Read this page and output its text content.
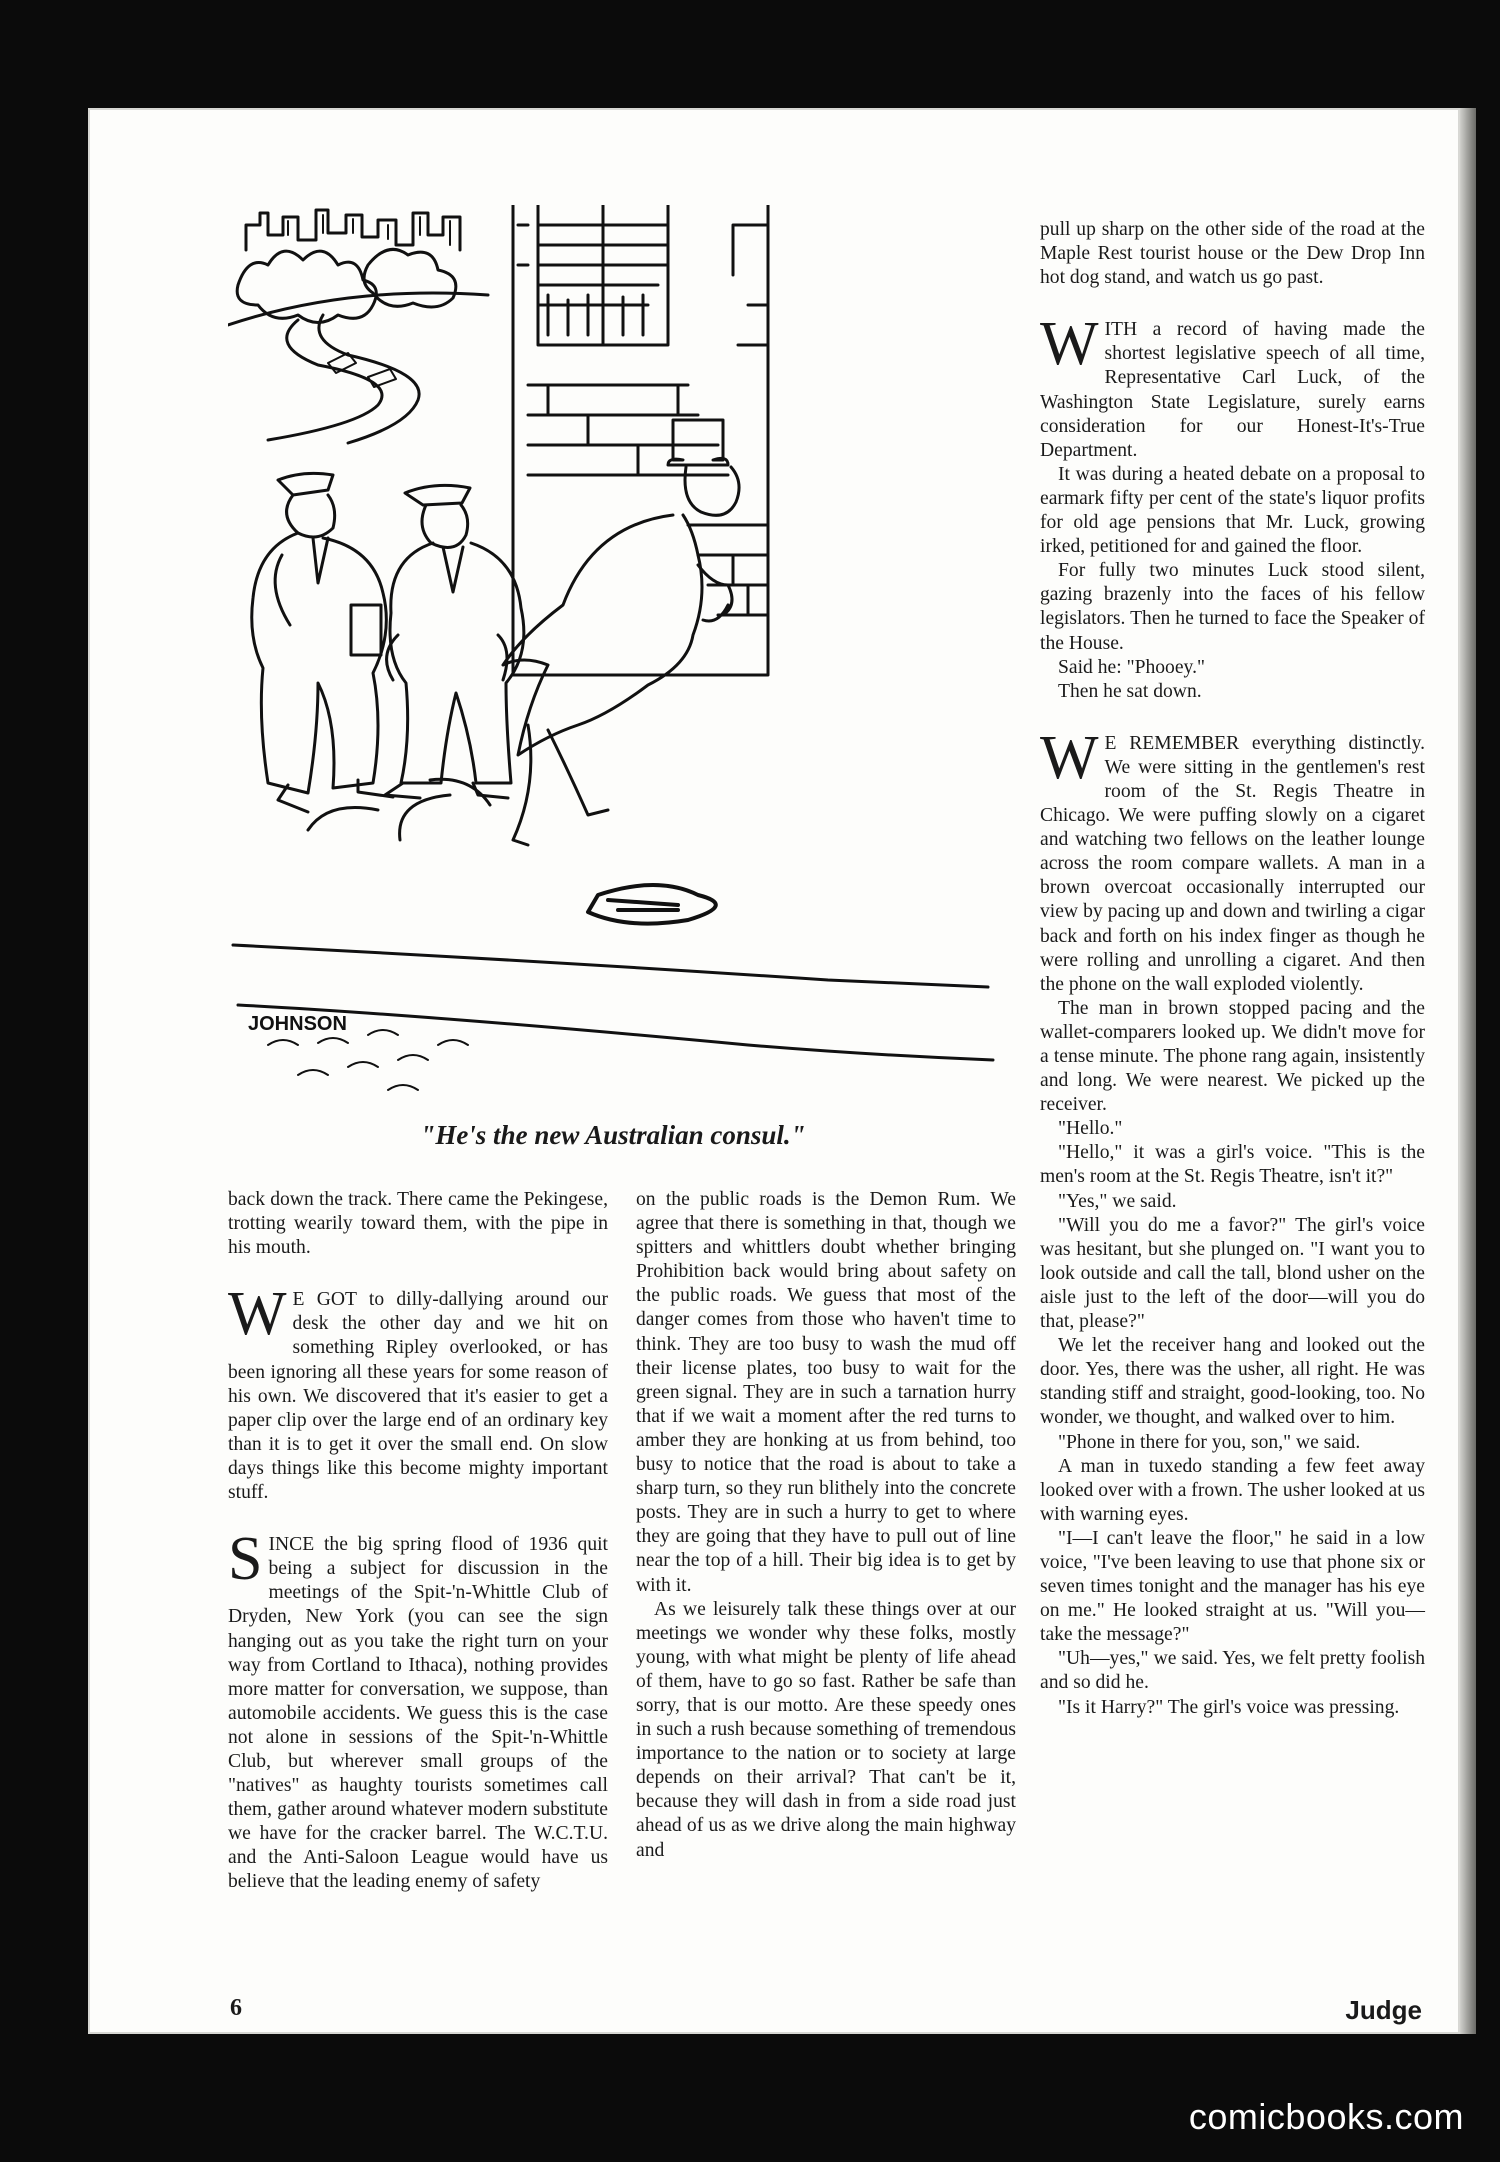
JOHNSON
"He's the new Australian consul."

back down the track. There came the Pekingese, trotting wearily toward them, with the pipe in his mouth.

W E GOT to dilly-dallying around our desk the other day and we hit on something Ripley overlooked, or has been ignoring all these years for some reason of his own. We discovered that it's easier to get a paper clip over the large end of an ordinary key than it is to get it over the small end. On slow days things like this become mighty important stuff.

SINCE the big spring flood of 1936 quit being a subject for discussion in the meetings of the Spit-'n-Whittle Club of Dryden, New York (you can see the sign hanging out as you take the right turn on your way from Cortland to Ithaca), nothing provides more matter for conversation, we suppose, than automobile accidents. We guess this is the case not alone in sessions of the Spit-'n-Whittle Club, but wherever small groups of the "natives" as haughty tourists sometimes call them, gather around whatever modern substitute we have for the cracker barrel. The W.C.T.U. and the Anti-Saloon League would have us believe that the leading enemy of safety

on the public roads is the Demon Rum. We agree that there is something in that, though we spitters and whittlers doubt whether bringing Prohibition back would bring about safety on the public roads. We guess that most of the danger comes from those who haven't time to think. They are too busy to wash the mud off their license plates, too busy to wait for the green signal. They are in such a tarnation hurry that if we wait a moment after the red turns to amber they are honking at us from behind, too busy to notice that the road is about to take a sharp turn, so they run blithely into the concrete posts. They are in such a hurry to get to where they are going that they have to pull out of line near the top of a hill. Their big idea is to get by with it.

As we leisurely talk these things over at our meetings we wonder why these folks, mostly young, with what might be plenty of life ahead of them, have to go so fast. Rather be safe than sorry, that is our motto. Are these speedy ones in such a rush because something of tremendous importance to the nation or to society at large depends on their arrival? That can't be it, because they will dash in from a side road just ahead of us as we drive along the main highway and

pull up sharp on the other side of the road at the Maple Rest tourist house or the Dew Drop Inn hot dog stand, and watch us go past.

WITH a record of having made the shortest legislative speech of all time, Representative Carl Luck, of the Washington State Legislature, surely earns consideration for our Honest-It's-True Department.

It was during a heated debate on a proposal to earmark fifty per cent of the state's liquor profits for old age pensions that Mr. Luck, growing irked, petitioned for and gained the floor.

For fully two minutes Luck stood silent, gazing brazenly into the faces of his fellow legislators. Then he turned to face the Speaker of the House.

Said he: "Phooey."

Then he sat down.

W E REMEMBER everything distinctly. We were sitting in the gentlemen's rest room of the St. Regis Theatre in Chicago. We were puffing slowly on a cigaret and watching two fellows on the leather lounge across the room compare wallets. A man in a brown overcoat occasionally interrupted our view by pacing up and down and twirling a cigar back and forth on his index finger as though he were rolling and unrolling a cigaret. And then the phone on the wall exploded violently.

The man in brown stopped pacing and the wallet-comparers looked up. We didn't move for a tense minute. The phone rang again, insistently and long. We were nearest. We picked up the receiver.

"Hello."

"Hello," it was a girl's voice. "This is the men's room at the St. Regis Theatre, isn't it?"

"Yes," we said.

"Will you do me a favor?" The girl's voice was hesitant, but she plunged on. "I want you to look outside and call the tall, blond usher on the aisle just to the left of the door—will you do that, please?"

We let the receiver hang and looked out the door. Yes, there was the usher, all right. He was standing stiff and straight, good-looking, too. No wonder, we thought, and walked over to him.

"Phone in there for you, son," we said.

A man in tuxedo standing a few feet away looked over with a frown. The usher looked at us with warning eyes.

"I—I can't leave the floor," he said in a low voice, "I've been leaving to use that phone six or seven times tonight and the manager has his eye on me." He looked straight at us. "Will you—take the message?"

"Uh—yes," we said. Yes, we felt pretty foolish and so did he.

"Is it Harry?" The girl's voice was pressing.

6	Judge
comicbooks.com
